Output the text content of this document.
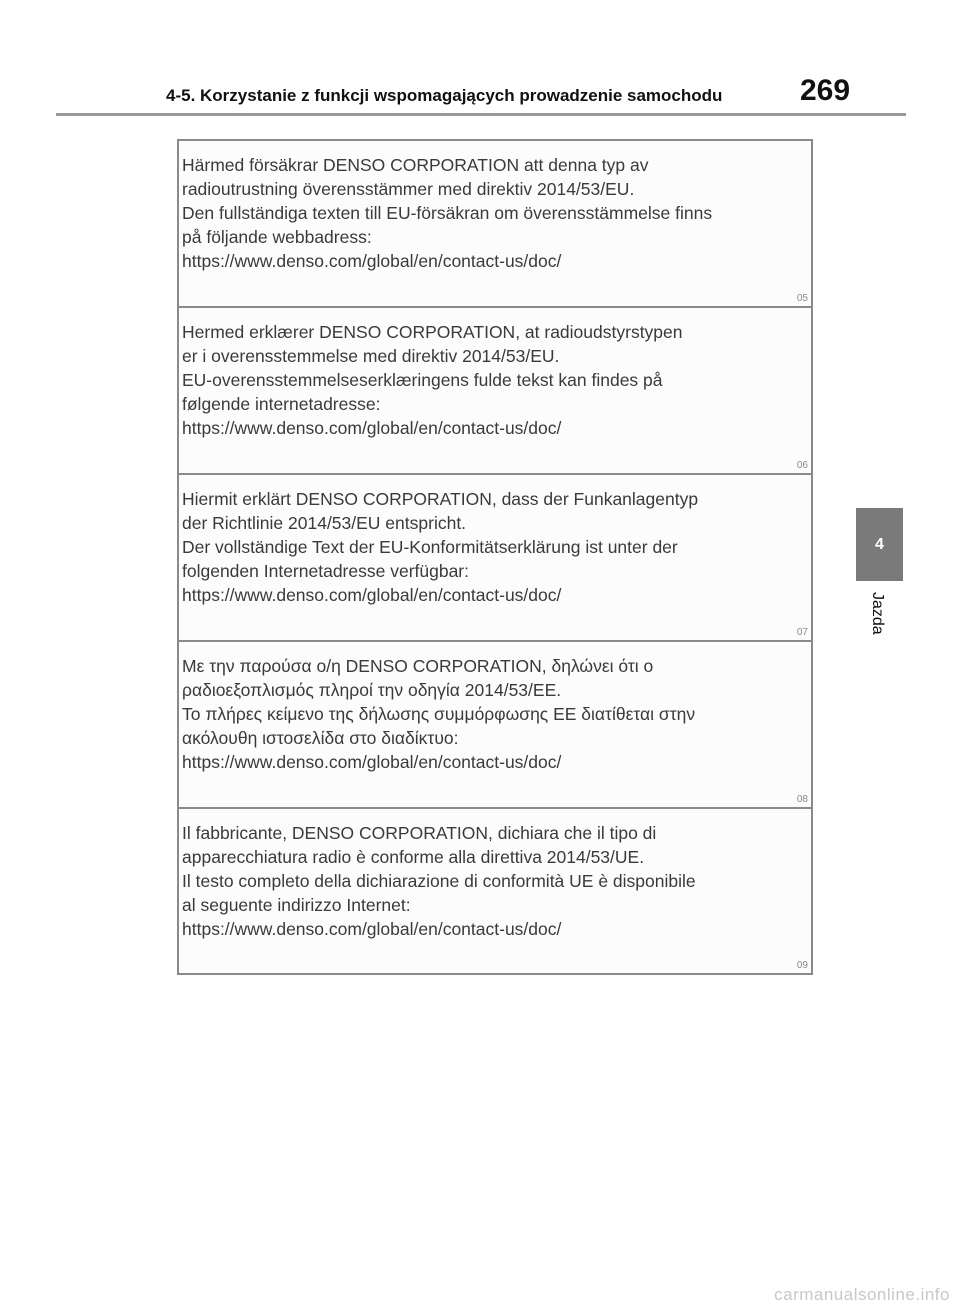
4-5. Korzystanie z funkcji wspomagających prowadzenie samochodu	269
4
Jazda
Härmed försäkrar DENSO CORPORATION att denna typ av
radioutrustning överensstämmer med direktiv 2014/53/EU.
Den fullständiga texten till EU-försäkran om överensstämmelse finns
på följande webbadress:
https://www.denso.com/global/en/contact-us/doc/
05
Hermed erklærer DENSO CORPORATION, at radioudstyrstypen
er i overensstemmelse med direktiv 2014/53/EU.
EU-overensstemmelseserklæringens fulde tekst kan findes på
følgende internetadresse:
https://www.denso.com/global/en/contact-us/doc/
06
Hiermit erklärt DENSO CORPORATION, dass der Funkanlagentyp
der Richtlinie 2014/53/EU entspricht.
Der vollständige Text der EU-Konformitätserklärung ist unter der
folgenden Internetadresse verfügbar:
https://www.denso.com/global/en/contact-us/doc/
07
Με την παρούσα ο/η DENSO CORPORATION, δηλώνει ότι ο
ραδιοεξοπλισμός πληροί την οδηγία 2014/53/ΕΕ.
Το πλήρες κείμενο της δήλωσης συμμόρφωσης ΕΕ διατίθεται στην
ακόλουθη ιστοσελίδα στο διαδίκτυο:
https://www.denso.com/global/en/contact-us/doc/
08
Il fabbricante, DENSO CORPORATION, dichiara che il tipo di
apparecchiatura radio è conforme alla direttiva 2014/53/UE.
Il testo completo della dichiarazione di conformità UE è disponibile
al seguente indirizzo Internet:
https://www.denso.com/global/en/contact-us/doc/
09
carmanualsonline.info
